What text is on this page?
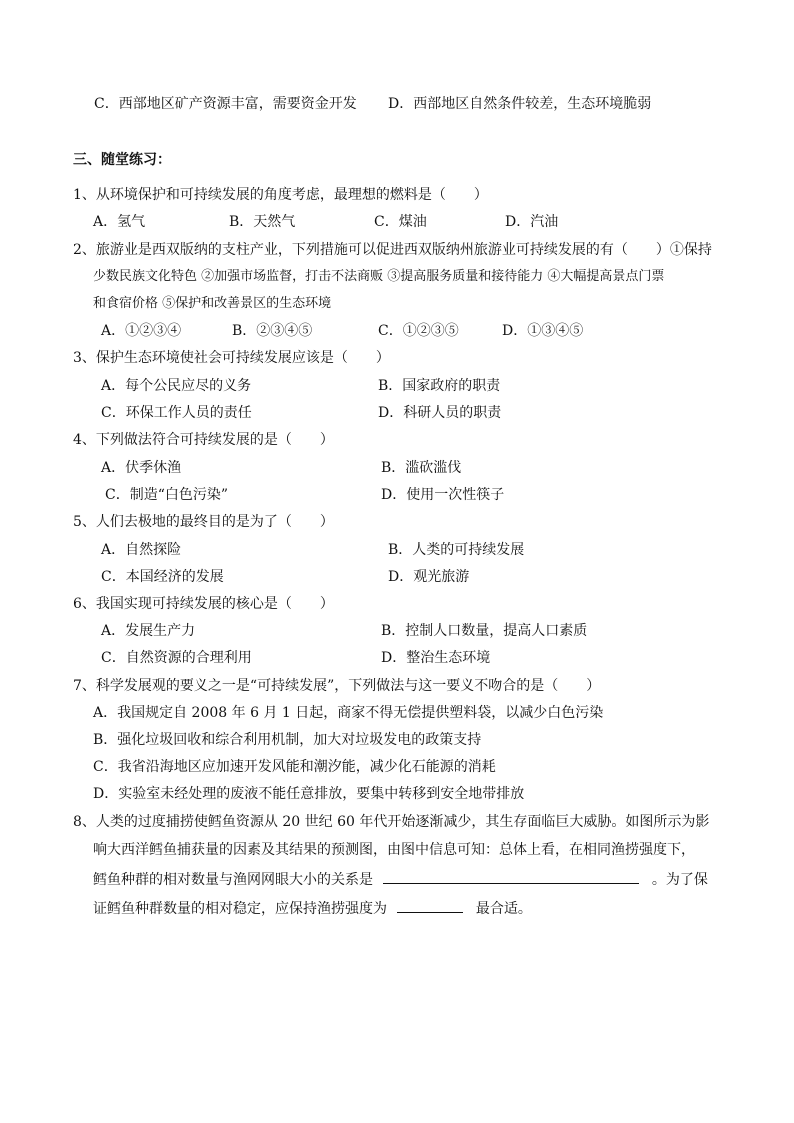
C．西部地区矿产资源丰富，需要资金开发 D．西部地区自然条件较差，生态环境脆弱
三、随堂练习：
1、从环境保护和可持续发展的角度考虑，最理想的燃料是（　　）
A．氢气	B．天然气	C．煤油	D．汽油
2、旅游业是西双版纳的支柱产业，下列措施可以促进西双版纳州旅游业可持续发展的有（　　）①保持
少数民族文化特色 ②加强市场监督，打击不法商贩 ③提高服务质量和接待能力 ④大幅提高景点门票
和食宿价格 ⑤保护和改善景区的生态环境
A．①②③④	B．②③④⑤	C．①②③⑤	D．①③④⑤
3、保护生态环境使社会可持续发展应该是（　　）
A．每个公民应尽的义务	B．国家政府的职责
C．环保工作人员的责任	D．科研人员的职责
4、下列做法符合可持续发展的是（　　）
A．伏季休渔	B．滥砍滥伐
C．制造“白色污染”	D．使用一次性筷子
5、人们去极地的最终目的是为了（　　）
A．自然探险	B．人类的可持续发展
C．本国经济的发展	D．观光旅游
6、我国实现可持续发展的核心是（　　）
A．发展生产力	B．控制人口数量，提高人口素质
C．自然资源的合理利用	D．整治生态环境
7、科学发展观的要义之一是“可持续发展”，下列做法与这一要义不吻合的是（　　）
A．我国规定自 2008 年 6 月 1 日起，商家不得无偿提供塑料袋，以减少白色污染
B．强化垃圾回收和综合利用机制，加大对垃圾发电的政策支持
C．我省沿海地区应加速开发风能和潮汐能，减少化石能源的消耗
D．实验室未经处理的废液不能任意排放，要集中转移到安全地带排放
8、人类的过度捕捞使鳕鱼资源从 20 世纪 60 年代开始逐渐减少，其生存面临巨大威胁。如图所示为影
响大西洋鳕鱼捕获量的因素及其结果的预测图，由图中信息可知：总体上看，在相同渔捞强度下，
鳕鱼种群的相对数量与渔网网眼大小的关系是	。为了保
证鳕鱼种群数量的相对稳定，应保持渔捞强度为	最合适。
